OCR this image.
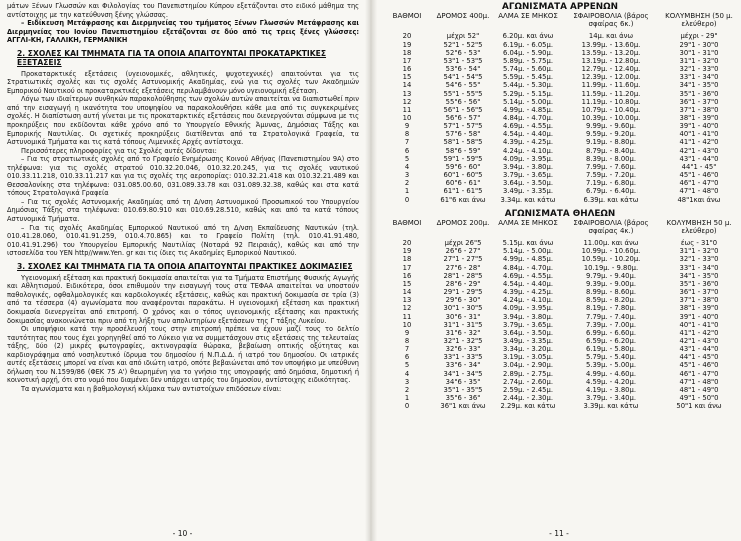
μάτων Ξένων Γλωσσών και Φιλολογίας του Πανεπιστημίου Κύπρου εξετάζονται στο ειδικό μάθημα της αντίστοιχης με την κατεύθυνση ξένης γλώσσας.

– Ειδίκευση Μετάφρασης και Διερμηνείας του τμήματος Ξένων Γλωσσών Μετάφρασης και Διερμηνείας του Ιονίου Πανεπιστημίου εξετάζονται σε δύο από τις τρεις ξένες γλώσσες: ΑΓΓΛΙ-ΚΗ, ΓΑΛΛΙΚΗ, ΓΕΡΜΑΝΙΚΗ

2. ΣΧΟΛΕΣ ΚΑΙ ΤΜΗΜΑΤΑ ΓΙΑ ΤΑ ΟΠΟΙΑ ΑΠΑΙΤΟΥΝΤΑΙ ΠΡΟΚΑΤΑΡΚΤΙΚΕΣ ΕΞΕΤΑΣΕΙΣ

Προκαταρκτικές εξετάσεις (υγειονομικές, αθλητικές, ψυχοτεχνικές) απαιτούνται για τις Στρατιωτικές σχολές και τις σχολές Αστυνομικής Ακαδημίας, ενώ για τις σχολές των Ακαδημιών Εμπορικού Ναυτικού οι προκαταρκτικές εξετάσεις περιλαμβάνουν μόνο υγειονομική εξέταση.

Λόγω των ιδιαίτερων συνθηκών παρακολούθησης των σχολών αυτών απαιτείται να διαπιστωθεί πριν από την εισαγωγή η ικανότητα του υποψηφίου να παρακολουθήσει κάθε μια από τις συγκεκριμένες σχολές. Η διαπίστωση αυτή γίνεται με τις προκαταρκτικές εξετάσεις που διενεργούνται σύμφωνα με τις προκηρύξεις που εκδίδονται κάθε χρόνο από το Υπουργείο Εθνικής Άμυνας, Δημόσιας Τάξης και Εμπορικής Ναυτιλίας. Οι σχετικές προκηρύξεις διατίθενται από τα Στρατολογικά Γραφεία, τα Αστυνομικά Τμήματα και τις κατά τόπους Λιμενικές Αρχές αντίστοιχα.

Περισσότερες πληροφορίες για τις Σχολές αυτές δίδονται:

– Για τις στρατιωτικές σχολές από το Γραφείο Ενημέρωσης Κοινού Αθήνας (Πανεπιστημίου 9Α) στο τηλέφωνα: για τις σχολές στρατού 010.32.20.046, 010.32.20.245, για τις σχολές ναυτικού 010.33.11.218, 010.33.11.217 και για τις σχολές της αεροπορίας: 010.32.21.418 και 010.32.21.489 και Θεσσαλονίκης στα τηλέφωνα: 031.085.00.60, 031.089.33.78 και 031.089.32.38, καθώς και στα κατά τόπους Στρατολογικά Γραφεία

– Για τις σχολές Αστυνομικής Ακαδημίας από τη Δ/νση Αστυνομικού Προσωπικού του Υπουργείου Δημόσιας Τάξης στα τηλέφωνα: 010.69.80.910 και 010.69.28.510, καθώς και από τα κατά τόπους Αστυνομικά Τμήματα.

– Για τις σχολές Ακαδημίας Εμπορικού Ναυτικού από τη Δ/νση Εκπαίδευσης Ναυτικών (τηλ. 010.41.28.060, 010.41.91.259, 010.4.70.865) και το Γραφείο Πολίτη (τηλ. 010.41.91.480, 010.41.91.296) του Υπουργείου Εμπορικής Ναυτιλίας (Νοταρά 92 Πειραιάς), καθώς και από την ιστοσελίδα του ΥΕΝ http//www.Yen. gr και τις ίδιες τις Ακαδημίες Εμπορικού Ναυτικού.

3. ΣΧΟΛΕΣ ΚΑΙ ΤΜΗΜΑΤΑ ΓΙΑ ΤΑ ΟΠΟΙΑ ΑΠΑΙΤΟΥΝΤΑΙ ΠΡΑΚΤΙΚΕΣ ΔΟΚΙΜΑΣΙΕΣ

Υγειονομική εξέταση και πρακτική δοκιμασία απαιτείται για τα Τμήματα Επιστήμης Φυσικής Αγωγής και Αθλητισμού. Ειδικότερα, όσοι επιθυμούν την εισαγωγή τους στα ΤΕΦΑΑ απαιτείται να υποστούν παθολογικές, οφθαλμολογικές και καρδιολογικές εξετάσεις, καθώς και πρακτική δοκιμασία σε τρία (3) από τα τέσσερα (4) αγωνίσματα που αναφέρονται παρακάτω. Η υγειονομική εξέταση και πρακτική δοκιμασία διενεργείται από επιτροπή. Ο χρόνος και ο τόπος υγειονομικής εξέτασης και πρακτικής δοκιμασίας ανακοινώνεται πριν από τη λήξη των απολυτηρίων εξετάσεων της Γ τάξης Λυκείου.

Οι υποψήφιοι κατά την προσέλευσή τους στην επιτροπή πρέπει να έχουν μαζί τους το δελτίο ταυτότητας που τους έχει χορηγηθεί από το Λύκειο για να συμμετάσχουν στις εξετάσεις της τελευταίας τάξης, δύο (2) μικρές φωτογραφίες, ακτινογραφία θώρακα, βεβαίωση οπτικής οξύτητας και καρδιογράφημα από νοσηλευτικό ίδρυμα του δημοσίου ή Ν.Π.Δ.Δ. ή ιατρό του δημοσίου. Οι ιατρικές αυτές εξετάσεις μπορεί να είναι και από ιδιώτη ιατρό, οπότε βεβαιώνεται από τον υποψήφιο με υπεύθυνη δήλωση του Ν.1599/86 (ΦΕΚ 75 Α') θεωρημένη για το γνήσιο της υπογραφής από δημόσια, δημοτική ή κοινοτική αρχή, ότι στο νομό που διαμένει δεν υπάρχει ιατρός του δημοσίου, αντίστοιχης ειδικότητας.

Τα αγωνίσματα και η βαθμολογική κλίμακα των αντιστοίχων επιδόσεων είναι:

- 10 -
ΑΓΩΝΙΣΜΑΤΑ ΑΡΡΕΝΩΝ
ΒΑΘΜΟΙ	ΔΡΟΜΟΣ 400μ.	ΑΛΜΑ ΣΕ ΜΗΚΟΣ	ΣΦΑΙΡΟΒΟΛΙΑ (βάρος σφαίρας 6κ.)	ΚΟΛΥΜΒΗΣΗ (50 μ. ελεύθερο)
20	μέχρι 52"	6.20μ. και άνω	14μ. και άνω	μέχρι - 29"
19	52"1 - 52"5	6.19μ. - 6.05μ.	13.99μ. - 13.60μ.	29"1 - 30"0
18	52"6 - 53"	6.04μ. - 5.90μ.	13.59μ. - 13.20μ.	30"1 - 31"0
17	53"1 - 53"5	5.89μ. - 5.75μ.	13.19μ. - 12.80μ.	31"1 - 32"0
16	53"6 - 54"	5.74μ. - 5.60μ.	12.79μ. - 12.40μ.	32"1 - 33"0
15	54"1 - 54"5	5.59μ. - 5.45μ.	12.39μ. - 12.00μ.	33"1 - 34"0
14	54"6 - 55"	5.44μ. - 5.30μ.	11.99μ. - 11.60μ.	34"1 - 35"0
13	55"1 - 55"5	5.29μ. - 5.15μ.	11.59μ. - 11.20μ.	35"1 - 36"0
12	55"6 - 56"	5.14μ. - 5.00μ.	11.19μ. - 10.80μ.	36"1 - 37"0
11	56"1 - 56"5	4.99μ. - 4.85μ.	10.79μ. - 10.40μ.	37"1 - 38"0
10	56"6 - 57"	4.84μ. - 4.70μ.	10.39μ. - 10.00μ.	38"1 - 39"0
9	57"1 - 57"5	4.69μ. - 4.55μ.	9.99μ. - 9.60μ.	39"1 - 40"0
8	57"6 - 58"	4.54μ. - 4.40μ.	9.59μ. - 9.20μ.	40"1 - 41"0
7	58"1 - 58"5	4.39μ. - 4.25μ.	9.19μ. - 8.80μ.	41"1 - 42"0
6	58"6 - 59"	4.24μ. - 4.10μ.	8.79μ. - 8.40μ.	42"1 - 43"0
5	59"1 - 59"5	4.09μ. - 3.95μ.	8.39μ. - 8.00μ.	43"1 - 44"0
4	59"6 - 60"	3.94μ. - 3.80μ.	7.99μ. - 7.60μ.	44"1 - 45"
3	60"1 - 60"5	3.79μ. - 3.65μ.	7.59μ. - 7.20μ.	45"1 - 46"0
2	60"6 - 61"	3.64μ. - 3.50μ.	7.19μ. - 6.80μ.	46"1 - 47"0
1	61"1 - 61"5	3.49μ. - 3.35μ.	6.79μ. - 6.40μ.	47"1 - 48"0
0	61"6 και άνω	3.34μ. και κάτω	6.39μ. και κάτω	48"1και άνω
ΑΓΩΝΙΣΜΑΤΑ ΘΗΛΕΩΝ
ΒΑΘΜΟΙ	ΔΡΟΜΟΣ 200μ.	ΑΛΜΑ ΣΕ ΜΗΚΟΣ	ΣΦΑΙΡΟΒΟΛΙΑ (βάρος σφαίρας 4κ.)	ΚΟΛΥΜΒΗΣΗ 50 μ. ελεύθερο)
20	μέχρι 26"5	5.15μ. και άνω	11.00μ. και άνω	έως - 31"0
19	26"6 - 27"	5.14μ. - 5.00μ.	10.99μ. - 10.60μ.	31"1 - 32"0
18	27"1 - 27"5	4.99μ. - 4.85μ.	10.59μ. - 10.20μ.	32"1 - 33"0
17	27"6 - 28"	4.84μ. - 4.70μ.	10.19μ. - 9.80μ.	33"1 - 34"0
16	28"1 - 28"5	4.69μ. - 4.55μ.	9.79μ. - 9.40μ.	34"1 - 35"0
15	28"6 - 29"	4.54μ. - 4.40μ.	9.39μ. - 9.00μ.	35"1 - 36"0
14	29"1 - 29"5	4.39μ. - 4.25μ.	8.99μ. - 8.60μ.	36"1 - 37"0
13	29"6 - 30"	4.24μ. - 4.10μ.	8.59μ. - 8.20μ.	37"1 - 38"0
12	30"1 - 30"5	4.09μ. - 3.95μ.	8.19μ. - 7.80μ.	38"1 - 39"0
11	30"6 - 31"	3.94μ. - 3.80μ.	7.79μ. - 7.40μ.	39"1 - 40"0
10	31"1 - 31"5	3.79μ. - 3.65μ.	7.39μ. - 7.00μ.	40"1 - 41"0
9	31"6 - 32"	3.64μ. - 3.50μ.	6.99μ. - 6.60μ.	41"1 - 42"0
8	32"1 - 32"5	3.49μ. - 3.35μ.	6.59μ. - 6.20μ.	42"1 - 43"0
7	32"6 - 33"	3.34μ. - 3.20μ.	6.19μ. - 5.80μ.	43"1 - 44"0
6	33"1 - 33"5	3.19μ. - 3.05μ.	5.79μ. - 5.40μ.	44"1 - 45"0
5	33"6 - 34"	3.04μ. - 2.90μ.	5.39μ. - 5.00μ.	45"1 - 46"0
4	34"1 - 34"5	2.89μ. - 2.75μ.	4.99μ. - 4.60μ.	46"1 - 47"0
3	34"6 - 35"	2.74μ. - 2.60μ.	4.59μ. - 4.20μ.	47"1 - 48"0
2	35"1 - 35"5	2.59μ. - 2.45μ.	4.19μ. - 3.80μ.	48"1 - 49"0
1	35"6 - 36"	2.44μ. - 2.30μ.	3.79μ. - 3.40μ.	49"1 - 50"0
0	36"1 και άνω	2.29μ. και κάτω	3.39μ. και κάτω	50"1 και άνω
- 11 -
